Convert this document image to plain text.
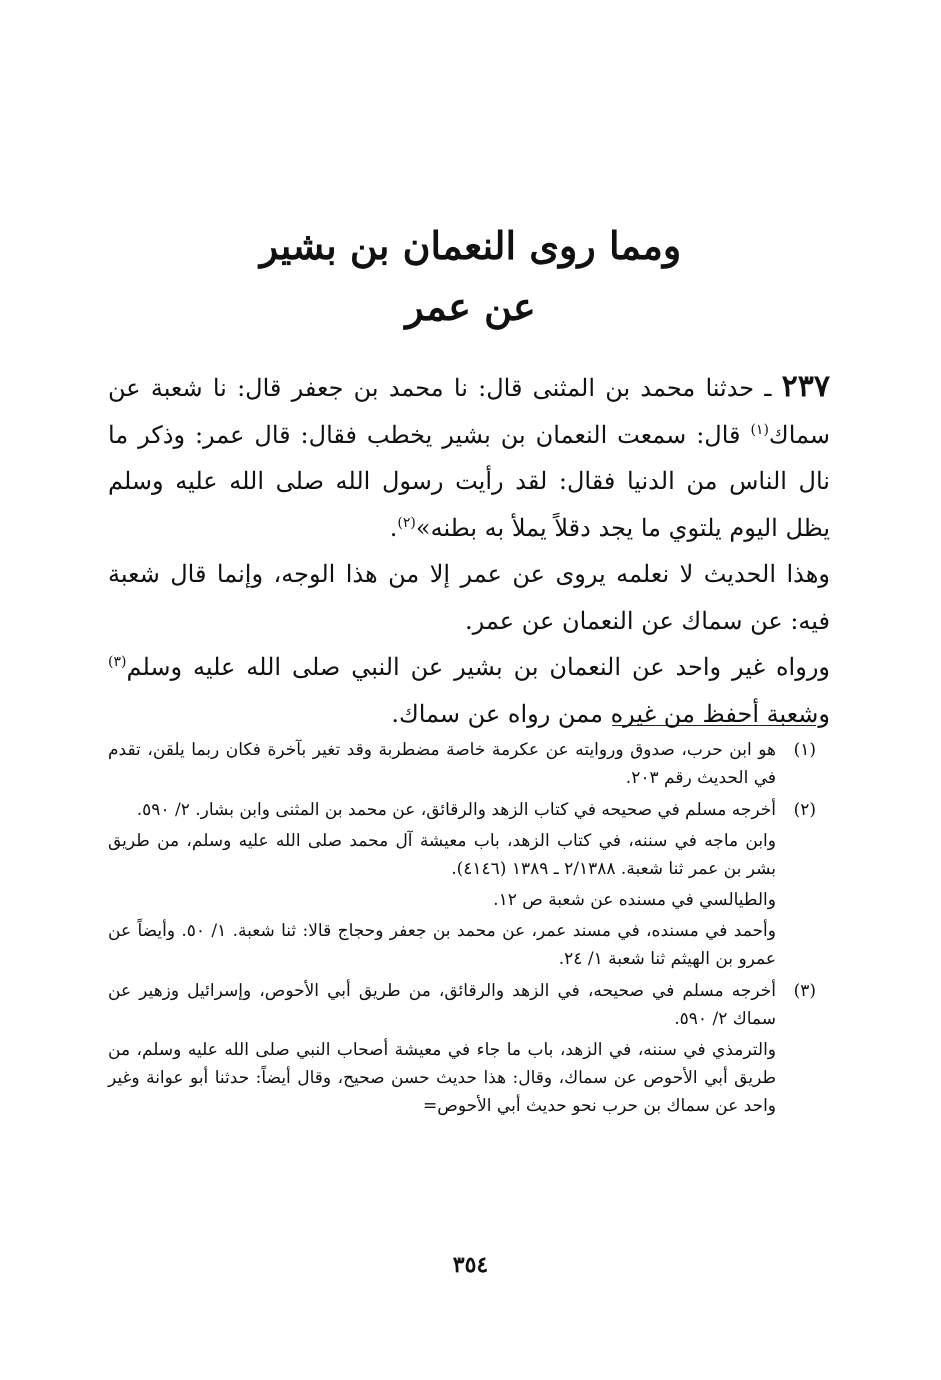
ومما روى النعمان بن بشير
عن عمر

٢٣٧ ـ حدثنا محمد بن المثنى قال: نا محمد بن جعفر قال: نا شعبة عن سماك$^{(١)}$ قال: سمعت النعمان بن بشير يخطب فقال: قال عمر: وذكر ما نال الناس من الدنيا فقال: لقد رأيت رسول الله صلى الله عليه وسلم يظل اليوم يلتوي ما يجد دقلاً يملأ به بطنه»$^{(٢)}$.

وهذا الحديث لا نعلمه يروى عن عمر إلا من هذا الوجه، وإنما قال شعبة فيه: عن سماك عن النعمان عن عمر.

ورواه غير واحد عن النعمان بن بشير عن النبي صلى الله عليه وسلم$^{(٣)}$ وشعبة أحفظ من غيره ممن رواه عن سماك.

(١)

هو ابن حرب، صدوق وروايته عن عكرمة خاصة مضطربة وقد تغير بآخرة فكان ربما يلقن، تقدم في الحديث رقم ٢٠٣.

(٢)

أخرجه مسلم في صحيحه في كتاب الزهد والرقائق، عن محمد بن المثنى وابن بشار. ٢/ ٥٩٠.

وابن ماجه في سننه، في كتاب الزهد، باب معيشة آل محمد صلى الله عليه وسلم، من طريق بشر بن عمر ثنا شعبة. ٢/١٣٨٨ ـ ١٣٨٩ (٤١٤٦).

والطيالسي في مسنده عن شعبة ص ١٢.

وأحمد في مسنده، في مسند عمر، عن محمد بن جعفر وحجاج قالا: ثنا شعبة. ١/ ٥٠. وأيضاً عن عمرو بن الهيثم ثنا شعبة ١/ ٢٤.

(٣)

أخرجه مسلم في صحيحه، في الزهد والرقائق، من طريق أبي الأحوص، وإسرائيل وزهير عن سماك ٢/ ٥٩٠.

والترمذي في سننه، في الزهد، باب ما جاء في معيشة أصحاب النبي صلى الله عليه وسلم، من طريق أبي الأحوص عن سماك، وقال: هذا حديث حسن صحيح، وقال أيضاً: حدثنا أبو عوانة وغير واحد عن سماك بن حرب نحو حديث أبي الأحوص=

٣٥٤
